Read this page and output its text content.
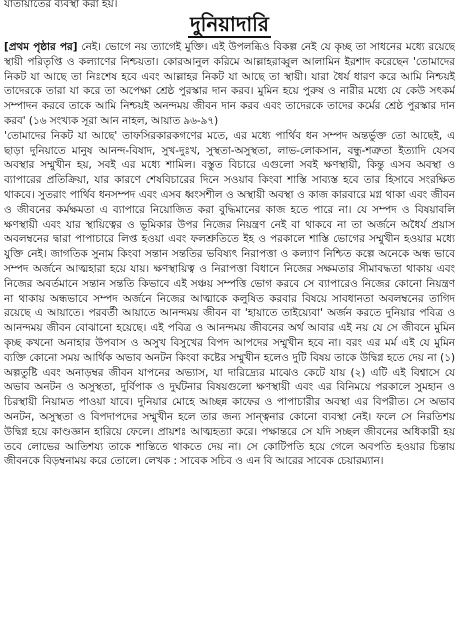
যাতায়াতের ব্যবস্থা করা হয়।
দুনিয়াদারি

[প্রথম পৃষ্ঠার পর] নেই। ভোগে নয় ত্যাগেই মুক্তি। এই উপলব্ধিও বিকল্প নেই যে কৃচ্ছ তা সাধনের মধ্যে রয়েছে স্থায়ী পরিতৃপ্তি ও কল্যাণের নিশ্চয়তা। কোরআনুল করিমে আল্লাহরাব্বুল আলামিন ইরশাদ করেছেন 'তোমাদের নিকট যা আছে তা নিঃশেষ হবে এবং আল্লাহর নিকট যা আছে তা স্থায়ী। যারা ধৈর্য ধারণ করে আমি নিশ্চয়ই তাদেরকে তারা যা করে তা অপেক্ষা শ্রেষ্ঠ পুরস্কার দান করব। মুমিন হয়ে পুরুষ ও নারীর মধ্যে যে কেউ সৎকর্ম সম্পাদন করবে তাকে আমি নিশ্চয়ই অনন্দময় জীবন দান করব এবং তাদেরকে তাদের কর্মের শ্রেষ্ঠ পুরস্কার দান করব' (১৬ সংখ্যক সূরা আন নাহল, আয়াত ৯৬-৯৭)

'তোমাদের নিকট যা আছে' তাফসিরকারকগণের মতে, এর মধ্যে পার্থিব ধন সম্পদ অন্তর্ভুক্ত তো আছেই, এ ছাড়া দুনিয়াতে মানুষ আনন্দ-বিষাদ, সুখ-দুঃখ, সুস্থতা-অসুস্থতা, লাভ-লোকসান, বন্ধু-শত্রুতা ইত্যাদি যেসব অবস্থার সম্মুখীন হয়, সবই এর মধ্যে শামিল। বস্তুত বিচারে এগুলো সবই ক্ষণস্থায়ী, কিন্তু এসব অবস্থা ও ব্যাপারের প্রতিক্রিয়া, যার কারণে শেষবিচারের দিনে সওয়াব কিংবা শাস্তি সাব্যস্ত হবে তার হিসাবে সংরক্ষিত থাকবে। সুতরাং পার্থিব ধনসম্পদ এবং এসব ধ্বংসশীল ও অস্থায়ী অবস্থা ও কাজ কারবারে মগ্ন থাকা এবং জীবন ও জীবনের কর্মক্ষমতা এ ব্যাপারে নিয়োজিত করা বুদ্ধিমানের কাজ হতে পারে না। যে সম্পদ ও বিষয়াবলি ক্ষণস্থায়ী এবং যার স্থায়িত্বের ও ভূমিকার উপর নিজের নিয়ন্ত্রণ নেই বা থাকবে না তা অর্জনে অধৈর্য প্রয়াস অবলম্বনের দ্বারা পাপাচারে লিপ্ত হওয়া এবং ফলশ্রুতিতে ইহ ও পরকালে শাস্তি ভোগের সম্মুখীন হওয়ার মধ্যে যুক্তি নেই। জাগতিক সুনাম কিংবা সন্তান সন্ততির ভবিষ্যৎ নিরাপত্তা ও কল্যাণ নিশ্চিত কল্পে অনেকে অন্ধ ভাবে সম্পদ অর্জনে আত্মহারা হয়ে যায়। ক্ষণস্থায়িত্ব ও নিরাপত্তা বিধানে নিজের সক্ষমতার সীমাবদ্ধতা থাকায় এবং নিজের অবর্তমানে সন্তান সন্ততি কিভাবে এই সঞ্চয় সম্পত্তি ভোগ করবে সে ব্যাপারেও নিজের কোনো নিয়ন্ত্রণ না থাকায় অন্ধভাবে সম্পদ অর্জনে নিজের আত্মাকে কলুষিত করবার বিষয়ে সাবধানতা অবলম্বনের তাগিদ রয়েছে এ আয়াতে। পরবর্তী আয়াতে আনন্দময় জীবন বা 'হায়াতে তাইয়্যেবা' অর্জন করতে দুনিয়ার পবিত্র ও আনন্দময় জীবন বোঝানো হয়েছে। এই পবিত্র ও আনন্দময় জীবনের অর্থ আবার এই নয় যে সে জীবনে মুমিন কৃচ্ছ কখনো অনাহার উপবাস ও অসুখ বিসুখের বিপদ আপদের সম্মুখীন হবে না। বরং এর মর্ম এই যে মুমিন ব্যক্তি কোনো সময় আর্থিক অভাব অনটন কিংবা কষ্টের সম্মুখীন হলেও দুটি বিষয় তাকে উদ্বিগ্ন হতে দেয় না (১) অল্পতুষ্টি এবং অনাড়ম্বর জীবন যাপনের অভ্যাস, যা দারিদ্র্যের মাঝেও কেটে যায় (২) এটি এই বিশ্বাসে যে অভাব অনটন ও অসুস্থতা, দুর্বিপাক ও দুর্ঘটনার বিষয়গুলো ক্ষণস্থায়ী এবং এর বিনিময়ে পরকালে সুমহান ও চিরস্থায়ী নিয়ামত পাওয়া যাবে। দুনিয়ার মোহে আচ্ছন্ন কাফের ও পাপাচারীর অবস্থা এর বিপরীত। সে অভাব অনটন, অসুস্থতা ও বিপদাপদের সম্মুখীন হলে তার জন্য সান্ত্বনার কোনো ব্যবস্থা নেই। ফলে সে নিরতিশয় উদ্বিগ্ন হয়ে কাণ্ডজ্ঞান হারিয়ে ফেলে। প্রায়শঃ আত্মহত্যা করে। পক্ষান্তরে সে যদি সচ্ছল জীবনের অধিকারী হয় তবে লোভের আতিশয্য তাকে শান্তিতে থাকতে দেয় না। সে কোটিপতি হয়ে গেলে অবপতি হওয়ার চিন্তায় জীবনকে বিড়ম্বনাময় করে তোলে। লেখক : সাবেক সচিব ও এন বি আরের সাবেক চেয়ারম্যান।
